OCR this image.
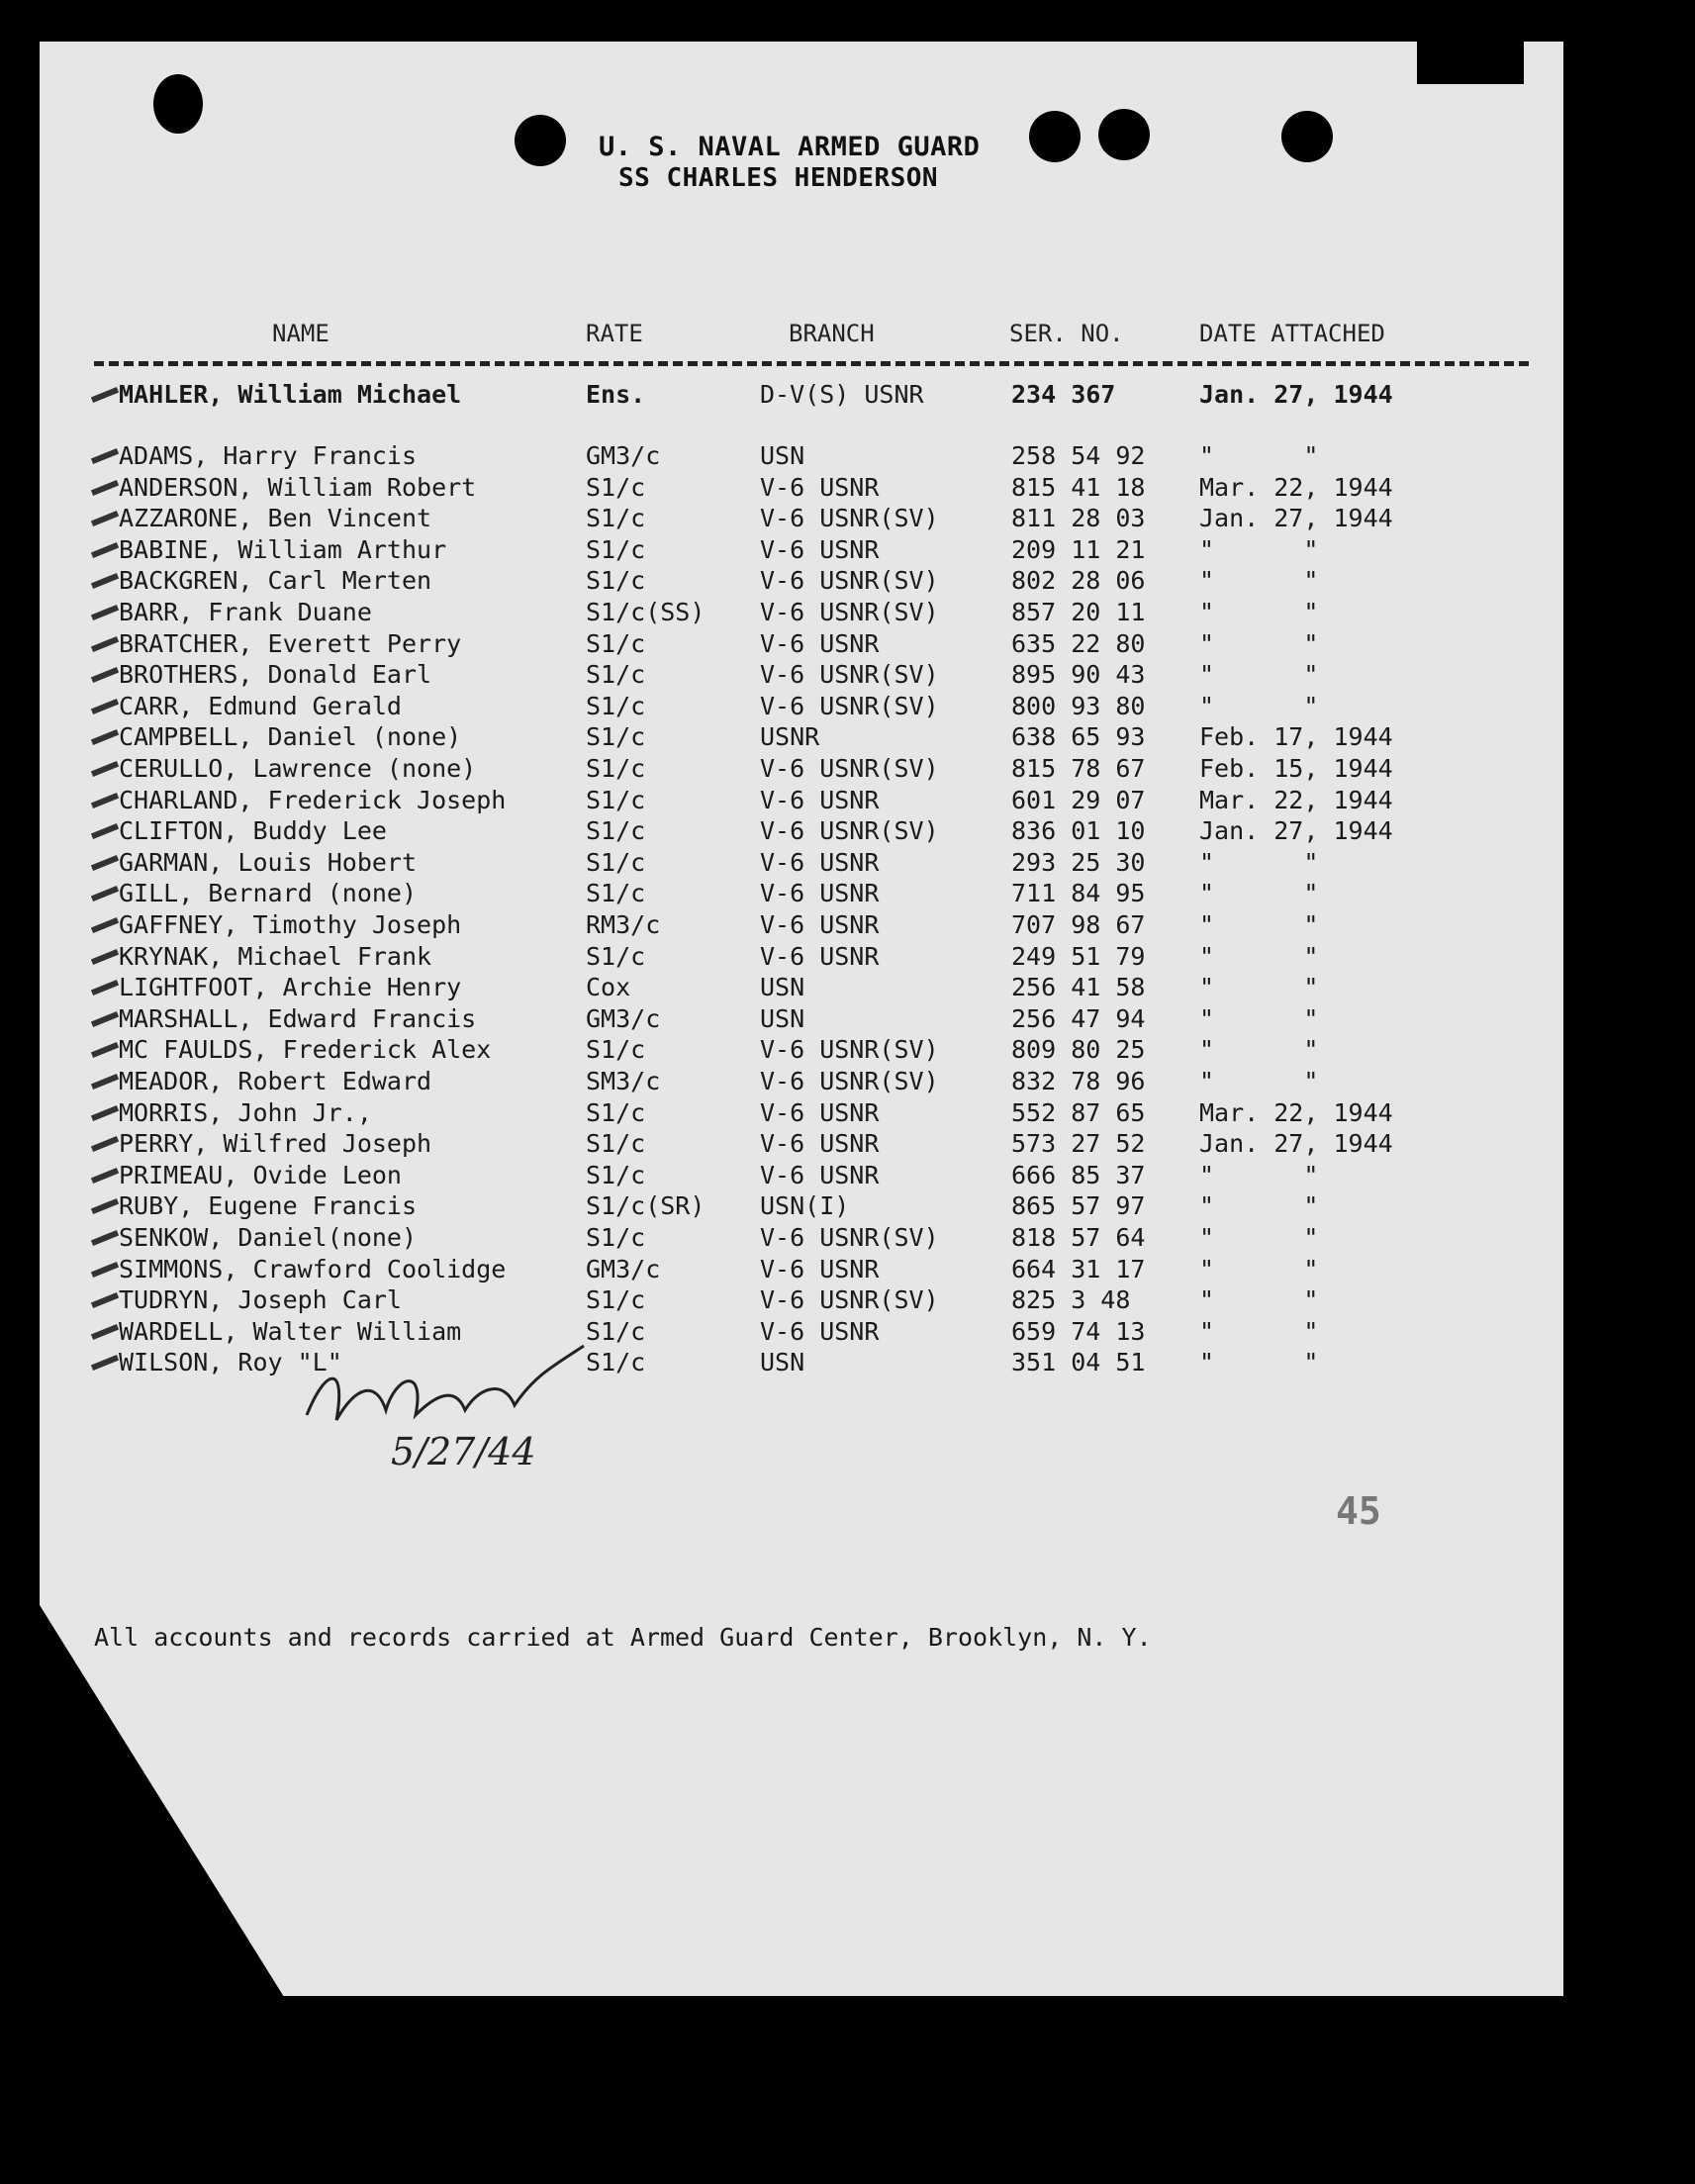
U. S. NAVAL ARMED GUARD
SS CHARLES HENDERSON
NAME	RATE	BRANCH	SER. NO.	DATE ATTACHED
MAHLER, William Michael	Ens.	D-V(S) USNR	234 367	Jan. 27, 1944
ADAMS, Harry Francis	GM3/c	USN	258 54 92 "      "
ANDERSON, William Robert	S1/c	V-6 USNR	815 41 18 Mar. 22, 1944
AZZARONE, Ben Vincent	S1/c	V-6 USNR(SV)	811 28 03 Jan. 27, 1944
BABINE, William Arthur	S1/c	V-6 USNR	209 11 21 "      "
BACKGREN, Carl Merten	S1/c	V-6 USNR(SV)	802 28 06 "      "
BARR, Frank Duane	S1/c(SS) V-6 USNR(SV)	857 20 11 "      "
BRATCHER, Everett Perry	S1/c	V-6 USNR	635 22 80 "      "
BROTHERS, Donald Earl	S1/c	V-6 USNR(SV)	895 90 43 "      "
CARR, Edmund Gerald	S1/c	V-6 USNR(SV)	800 93 80 "      "
CAMPBELL, Daniel (none)	S1/c	USNR	638 65 93 Feb. 17, 1944
CERULLO, Lawrence (none)	S1/c	V-6 USNR(SV)	815 78 67 Feb. 15, 1944
CHARLAND, Frederick Joseph	S1/c	V-6 USNR	601 29 07 Mar. 22, 1944
CLIFTON, Buddy Lee	S1/c	V-6 USNR(SV)	836 01 10 Jan. 27, 1944
GARMAN, Louis Hobert	S1/c	V-6 USNR	293 25 30 "      "
GILL, Bernard (none)	S1/c	V-6 USNR	711 84 95 "      "
GAFFNEY, Timothy Joseph	RM3/c	V-6 USNR	707 98 67 "      "
KRYNAK, Michael Frank	S1/c	V-6 USNR	249 51 79 "      "
LIGHTFOOT, Archie Henry	Cox	USN	256 41 58 "      "
MARSHALL, Edward Francis	GM3/c	USN	256 47 94 "      "
MC FAULDS, Frederick Alex	S1/c	V-6 USNR(SV)	809 80 25 "      "
MEADOR, Robert Edward	SM3/c	V-6 USNR(SV)	832 78 96 "      "
MORRIS, John Jr.,	S1/c	V-6 USNR	552 87 65 Mar. 22, 1944
PERRY, Wilfred Joseph	S1/c	V-6 USNR	573 27 52 Jan. 27, 1944
PRIMEAU, Ovide Leon	S1/c	V-6 USNR	666 85 37 "      "
RUBY, Eugene Francis	S1/c(SR) USN(I)	865 57 97 "      "
SENKOW, Daniel(none)	S1/c	V-6 USNR(SV)	818 57 64 "      "
SIMMONS, Crawford Coolidge	GM3/c	V-6 USNR	664 31 17 "      "
TUDRYN, Joseph Carl	S1/c	V-6 USNR(SV)	825 3 48	"      "
WARDELL, Walter William	S1/c	V-6 USNR	659 74 13 "      "
WILSON, Roy "L"	S1/c	USN	351 04 51 "      "
5/27/44
45
All accounts and records carried at Armed Guard Center, Brooklyn, N. Y.
